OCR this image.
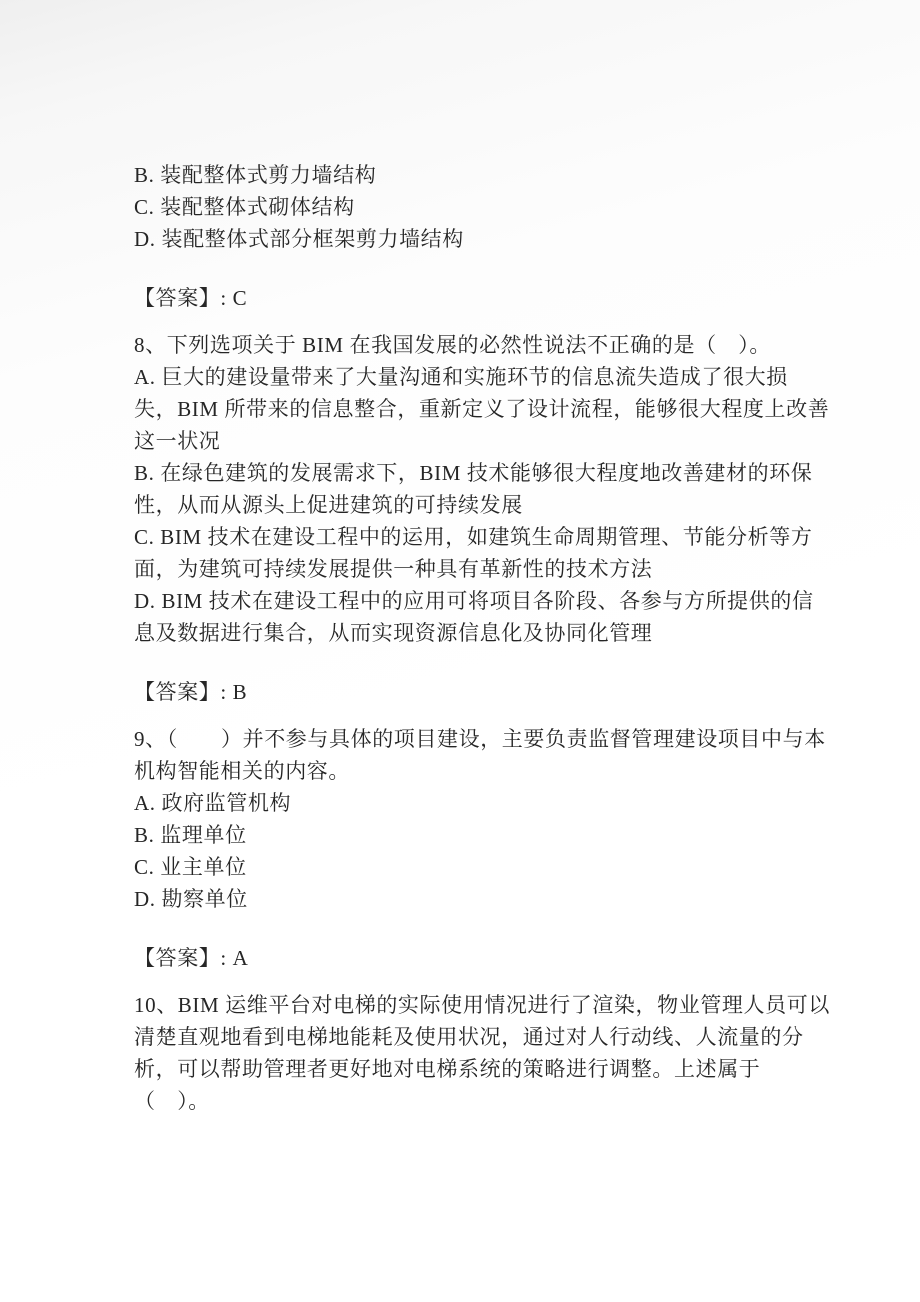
B. 装配整体式剪力墙结构

C. 装配整体式砌体结构

D. 装配整体式部分框架剪力墙结构

【答案】: C

8、下列选项关于 BIM 在我国发展的必然性说法不正确的是（　）。

A. 巨大的建设量带来了大量沟通和实施环节的信息流失造成了很大损失，BIM 所带来的信息整合，重新定义了设计流程，能够很大程度上改善这一状况

B. 在绿色建筑的发展需求下，BIM 技术能够很大程度地改善建材的环保性，从而从源头上促进建筑的可持续发展

C. BIM 技术在建设工程中的运用，如建筑生命周期管理、节能分析等方面，为建筑可持续发展提供一种具有革新性的技术方法

D. BIM 技术在建设工程中的应用可将项目各阶段、各参与方所提供的信息及数据进行集合，从而实现资源信息化及协同化管理

【答案】: B

9、（　　）并不参与具体的项目建设，主要负责监督管理建设项目中与本机构智能相关的内容。

A. 政府监管机构

B. 监理单位

C. 业主单位

D. 勘察单位

【答案】: A

10、BIM 运维平台对电梯的实际使用情况进行了渲染，物业管理人员可以清楚直观地看到电梯地能耗及使用状况，通过对人行动线、人流量的分析，可以帮助管理者更好地对电梯系统的策略进行调整。上述属于（　）。
